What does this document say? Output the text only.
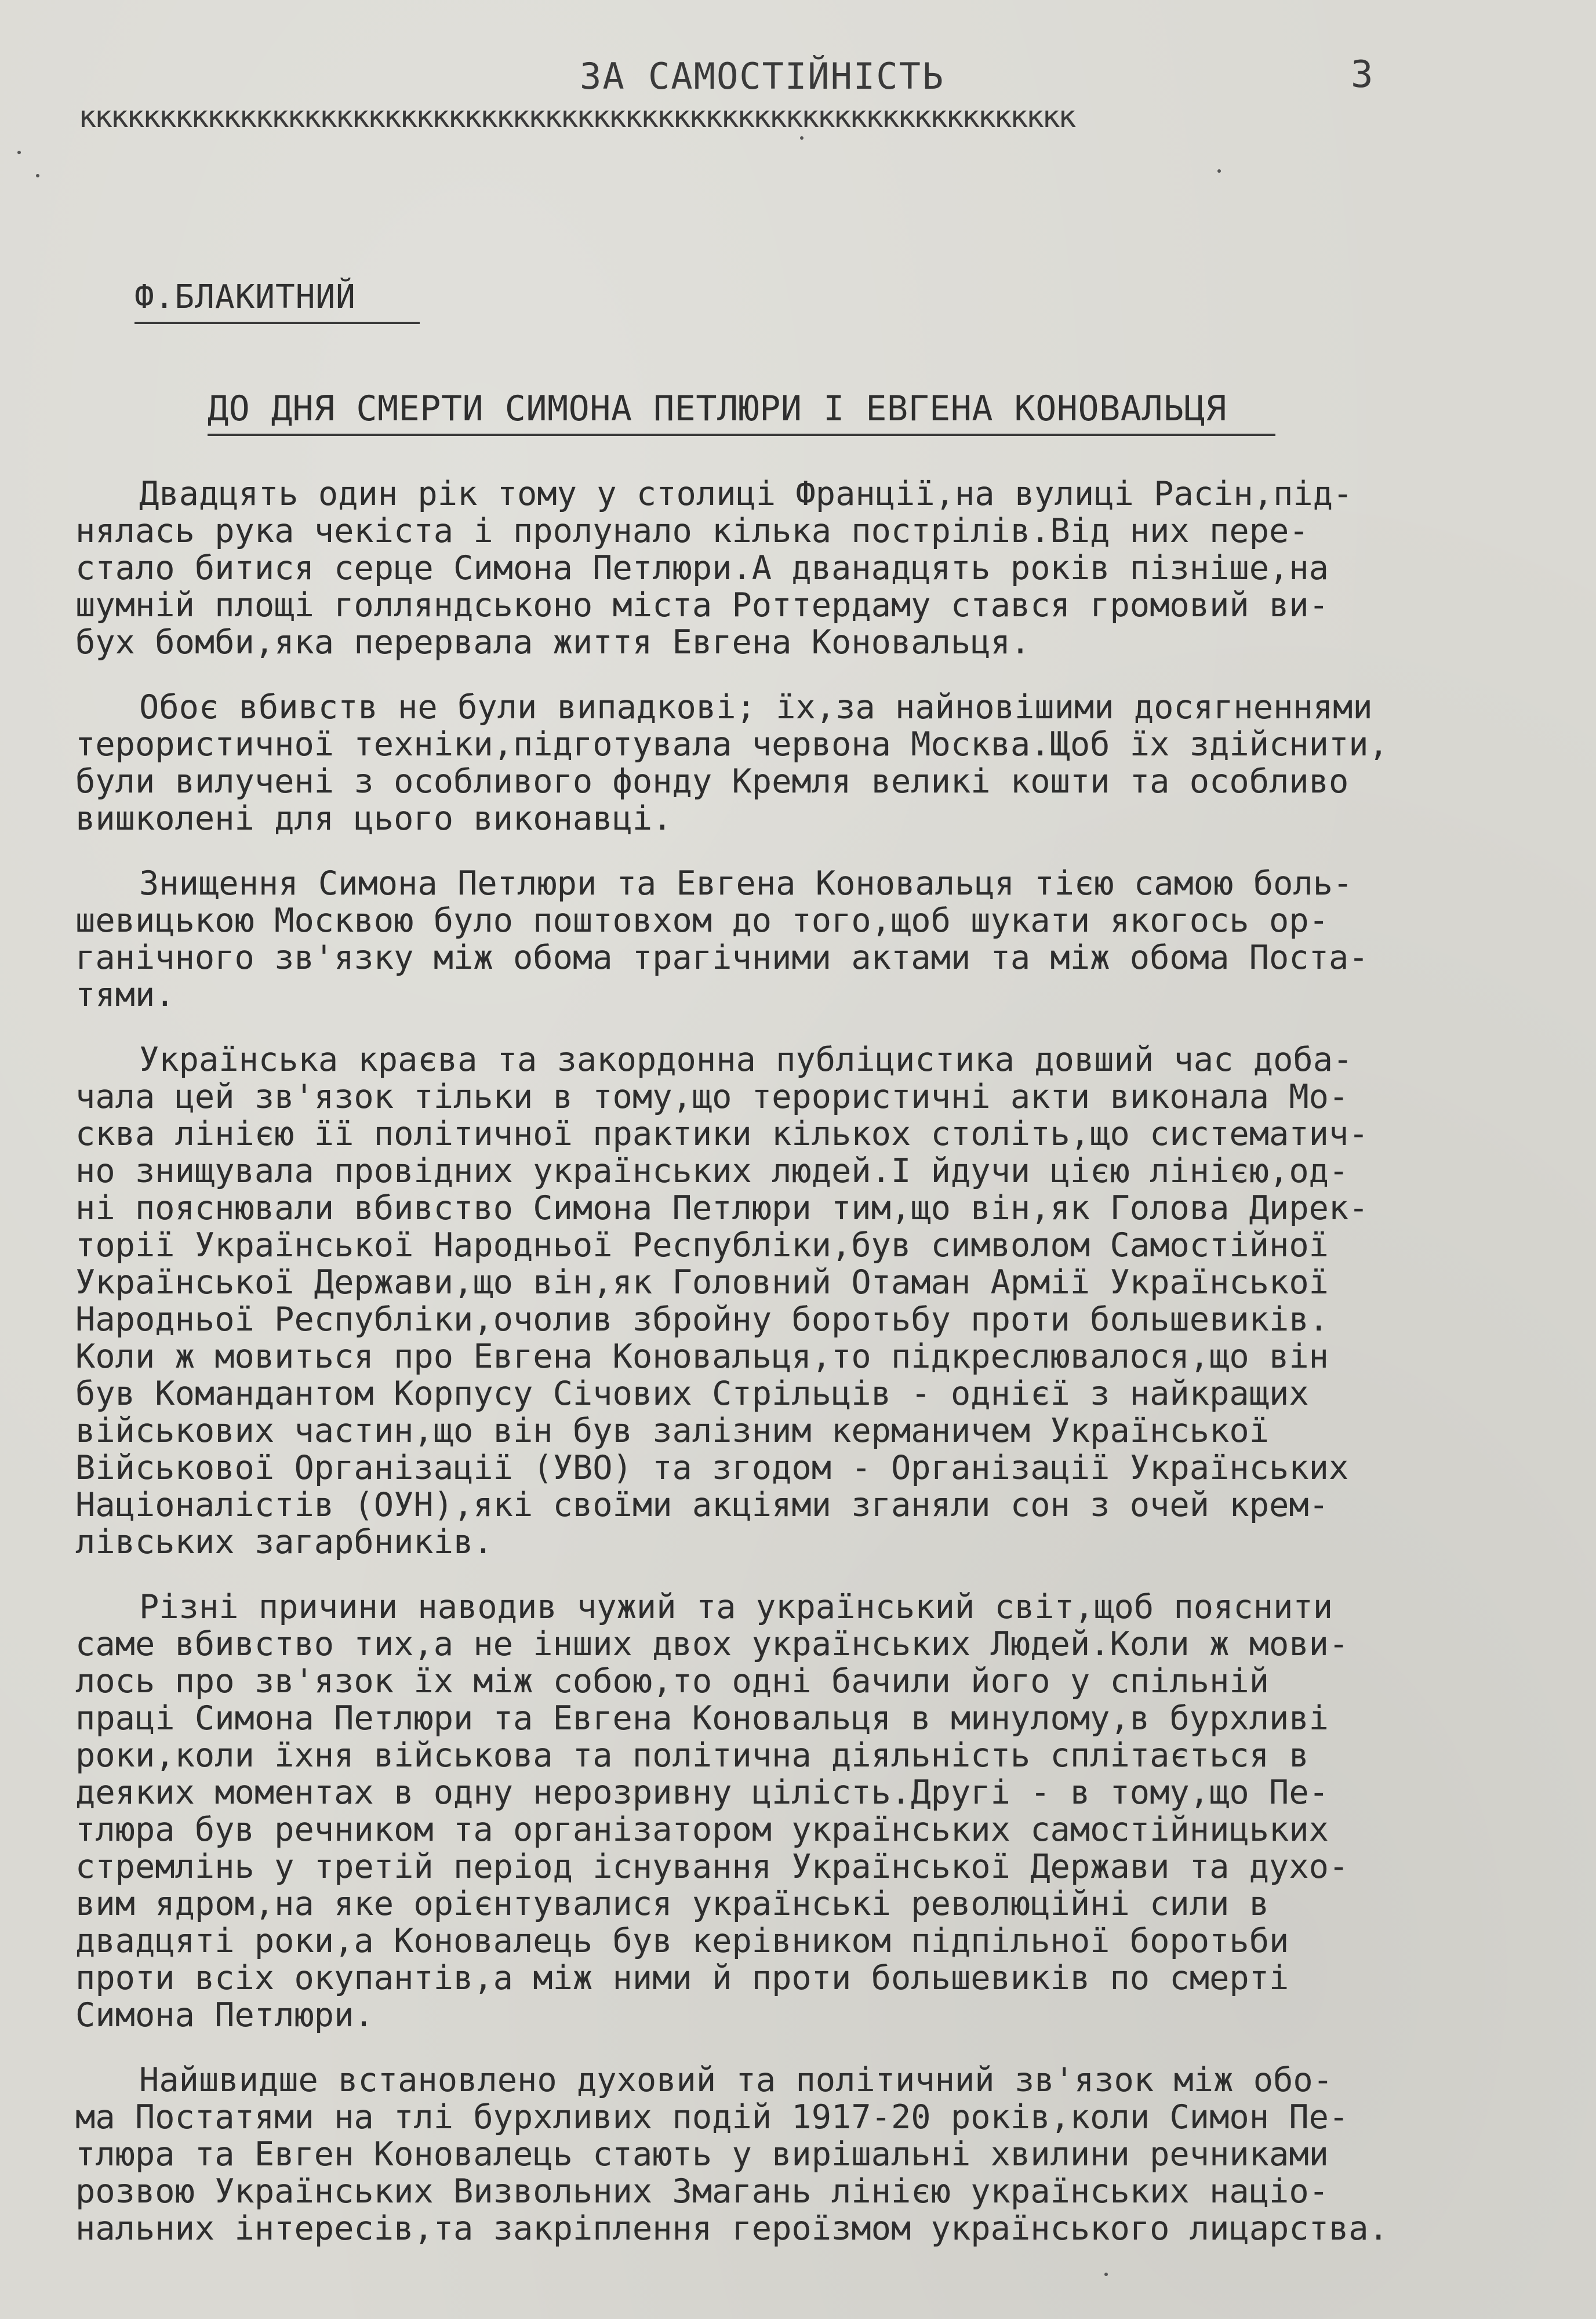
ЗА САМОСТІЙНІСТЬ	3
кккккккккккккккккккккккккккккккккккккккккккккккккккккккккккккк
Ф.БЛАКИТНИЙ
ДО ДНЯ СМЕРТИ СИМОНА ПЕТЛЮРИ І ЕВГЕНА КОНОВАЛЬЦЯ
Двадцять один рік тому у столиці Франції,на вулиці Расін,під-
нялась рука чекіста і пролунало кілька пострілів.Від них пере-
стало битися серце Симона Петлюри.А дванадцять років пізніше,на
шумній площі голляндськоно міста Роттердаму стався громовий ви-
бух бомби,яка перервала життя Евгена Коновальця.
Обоє вбивств не були випадкові; їх,за найновішими досягненнями
терористичної техніки,підготувала червона Москва.Щоб їх здійснити,
були вилучені з особливого фонду Кремля великі кошти та особливо
вишколені для цього виконавці.
Знищення Симона Петлюри та Евгена Коновальця тією самою боль-
шевицькою Москвою було поштовхом до того,щоб шукати якогось ор-
ганічного зв'язку між обома трагічними актами та між обома Поста-
тями.
Українська краєва та закордонна публіцистика довший час доба-
чала цей зв'язок тільки в тому,що терористичні акти виконала Мо-
сква лінією її політичної практики кількох століть,що систематич-
но знищувала провідних українських людей.І йдучи цією лінією,од-
ні пояснювали вбивство Симона Петлюри тим,що він,як Голова Дирек-
торії Української Народньої Республіки,був символом Самостійної
Української Держави,що він,як Головний Отаман Армії Української
Народньої Республіки,очолив збройну боротьбу проти большевиків.
Коли ж мовиться про Евгена Коновальця,то підкреслювалося,що він
був Командантом Корпусу Січових Стрільців - однієї з найкращих
військових частин,що він був залізним керманичем Української
Військової Організації (УВО) та згодом - Організації Українських
Націоналістів (ОУН),які своїми акціями зганяли сон з очей крем-
лівських загарбників.
Різні причини наводив чужий та український світ,щоб пояснити
саме вбивство тих,а не інших двох українських Людей.Коли ж мови-
лось про зв'язок їх між собою,то одні бачили його у спільній
праці Симона Петлюри та Евгена Коновальця в минулому,в бурхливі
роки,коли їхня військова та політична діяльність сплітається в
деяких моментах в одну нерозривну цілість.Другі - в тому,що Пе-
тлюра був речником та організатором українських самостійницьких
стремлінь у третій період існування Української Держави та духо-
вим ядром,на яке орієнтувалися українські революційні сили в
двадцяті роки,а Коновалець був керівником підпільної боротьби
проти всіх окупантів,а між ними й проти большевиків по смерті
Симона Петлюри.
Найшвидше встановлено духовий та політичний зв'язок між обо-
ма Постатями на тлі бурхливих подій 1917-20 років,коли Симон Пе-
тлюра та Евген Коновалець стають у вирішальні хвилини речниками
розвою Українських Визвольних Змагань лінією українських націо-
нальних інтересів,та закріплення героїзмом українського лицарства.
